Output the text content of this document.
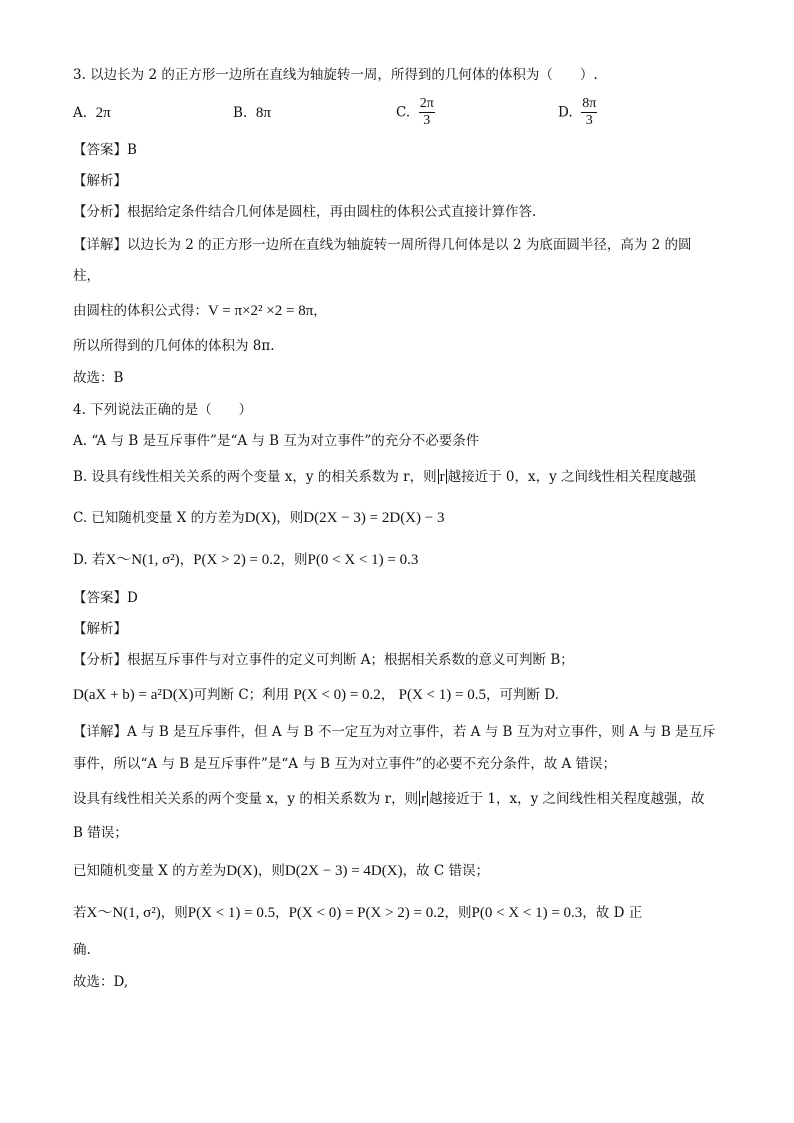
3. 以边长为 2 的正方形一边所在直线为轴旋转一周，所得到的几何体的体积为（　　）.
A. 2π	B. 8π	C. $\frac{2\pi}{3}$	D. $\frac{8\pi}{3}$
【答案】B
【解析】
【分析】根据给定条件结合几何体是圆柱，再由圆柱的体积公式直接计算作答.
【详解】以边长为 2 的正方形一边所在直线为轴旋转一周所得几何体是以 2 为底面圆半径，高为 2 的圆
柱，
由圆柱的体积公式得：V = π×2² ×2 = 8π，
所以所得到的几何体的体积为 8π.
故选：B
4. 下列说法正确的是（　　）
A. “A 与 B 是互斥事件”是“A 与 B 互为对立事件”的充分不必要条件
B. 设具有线性相关关系的两个变量 x，y 的相关系数为 r，则 r 越接近于 0，x，y 之间线性相关程度越强
C. 已知随机变量 X 的方差为D(X)，则D(2X − 3) = 2D(X) − 3
D. 若X～N(1, σ²)，P(X > 2) = 0.2，则P(0 < X < 1) = 0.3
【答案】D
【解析】
【分析】根据互斥事件与对立事件的定义可判断 A；根据相关系数的意义可判断 B；
D(aX + b) = a²D(X)可判断 C；利用 P(X < 0) = 0.2， P(X < 1) = 0.5，可判断 D.
【详解】A 与 B 是互斥事件，但 A 与 B 不一定互为对立事件，若 A 与 B 互为对立事件，则 A 与 B 是互斥
事件，所以“A 与 B 是互斥事件”是“A 与 B 互为对立事件”的必要不充分条件，故 A 错误；
设具有线性相关关系的两个变量 x，y 的相关系数为 r，则 r 越接近于 1，x，y 之间线性相关程度越强，故
B 错误；
已知随机变量 X 的方差为D(X)，则D(2X − 3) = 4D(X)，故 C 错误；
若X～N(1, σ²)，则P(X < 1) = 0.5，P(X < 0) = P(X > 2) = 0.2，则P(0 < X < 1) = 0.3，故 D 正
确.
故选：D,
